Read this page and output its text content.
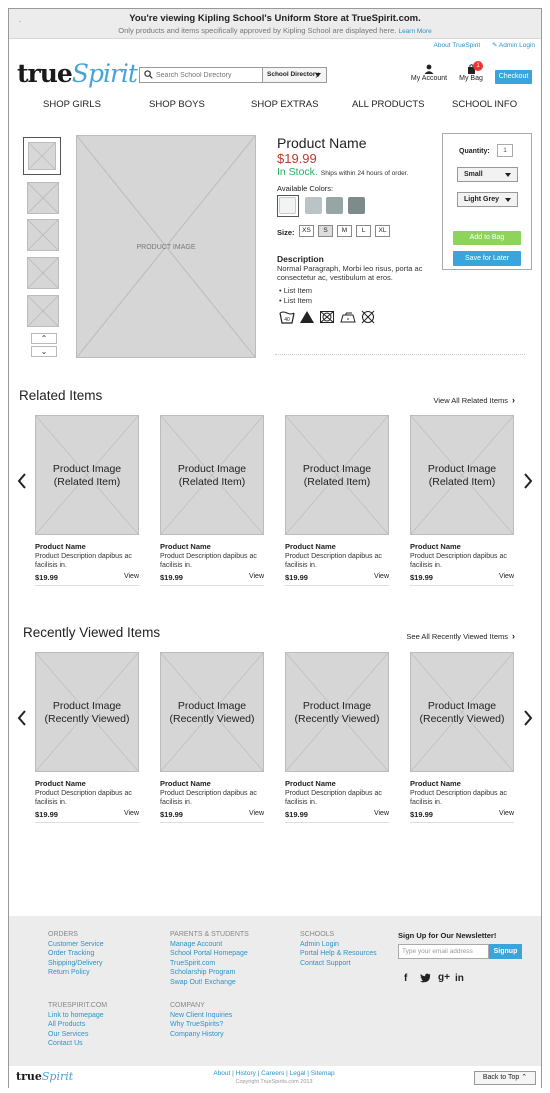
.	You're viewing Kipling School's Uniform Store at TrueSpirit.com.
Only products and items specifically approved by Kipling School are displayed here. Learn More
About TrueSpirit ✎ Admin Login
trueSpirit
Search School Directory	School Directory
My Account
1
My Bag	Checkout
SHOP GIRLS	SHOP BOYS	SHOP EXTRAS	ALL PRODUCTS	SCHOOL INFO
⌃
⌄
PRODUCT IMAGE
Product Name
$19.99
In Stock. Ships within 24 hours of order.
Available Colors:
Size:	XS	S	M	L	XL
Description
Normal Paragraph, Morbi leo risus, porta ac consectetur ac, vestibulum at eros.
• List Item
• List Item
40

Quantity:	1
Small
Light Grey
Add to Bag
Save for Later
Related Items	View All Related Items ›
Product Image (Related Item)
Product Name
Product Description dapibus ac facilisis in.
$19.99	View
Product Image (Related Item)
Product Name
Product Description dapibus ac facilisis in.
$19.99	View
Product Image (Related Item)
Product Name
Product Description dapibus ac facilisis in.
$19.99	View
Product Image (Related Item)
Product Name
Product Description dapibus ac facilisis in.
$19.99	View
Recently Viewed Items	See All Recently Viewed Items ›
Product Image (Recently Viewed)
Product Name
Product Description dapibus ac facilisis in.
$19.99	View
Product Image (Recently Viewed)
Product Name
Product Description dapibus ac facilisis in.
$19.99	View
Product Image (Recently Viewed)
Product Name
Product Description dapibus ac facilisis in.
$19.99	View
Product Image (Recently Viewed)
Product Name
Product Description dapibus ac facilisis in.
$19.99	View
ORDERS
Customer Service
Order Tracking
Shipping/Delivery
Return Policy
PARENTS & STUDENTS
Manage Account
School Portal Homepage
TrueSpirit.com
Scholarship Program
Swap Out! Exchange
SCHOOLS
Admin Login
Portal Help & Resources
Contact Support
TRUESPIRIT.COM
Link to homepage
All Products
Our Services
Contact Us
COMPANY
New Client Inquiries
Why TrueSpirits?
Company History
Sign Up for Our Newsletter!
Type your email address	Signup
f	g+ in
trueSpirit	About | History | Careers | Legal | Sitemap
Copyright TrueSpirits.com 2013
Back to Top ⌃
